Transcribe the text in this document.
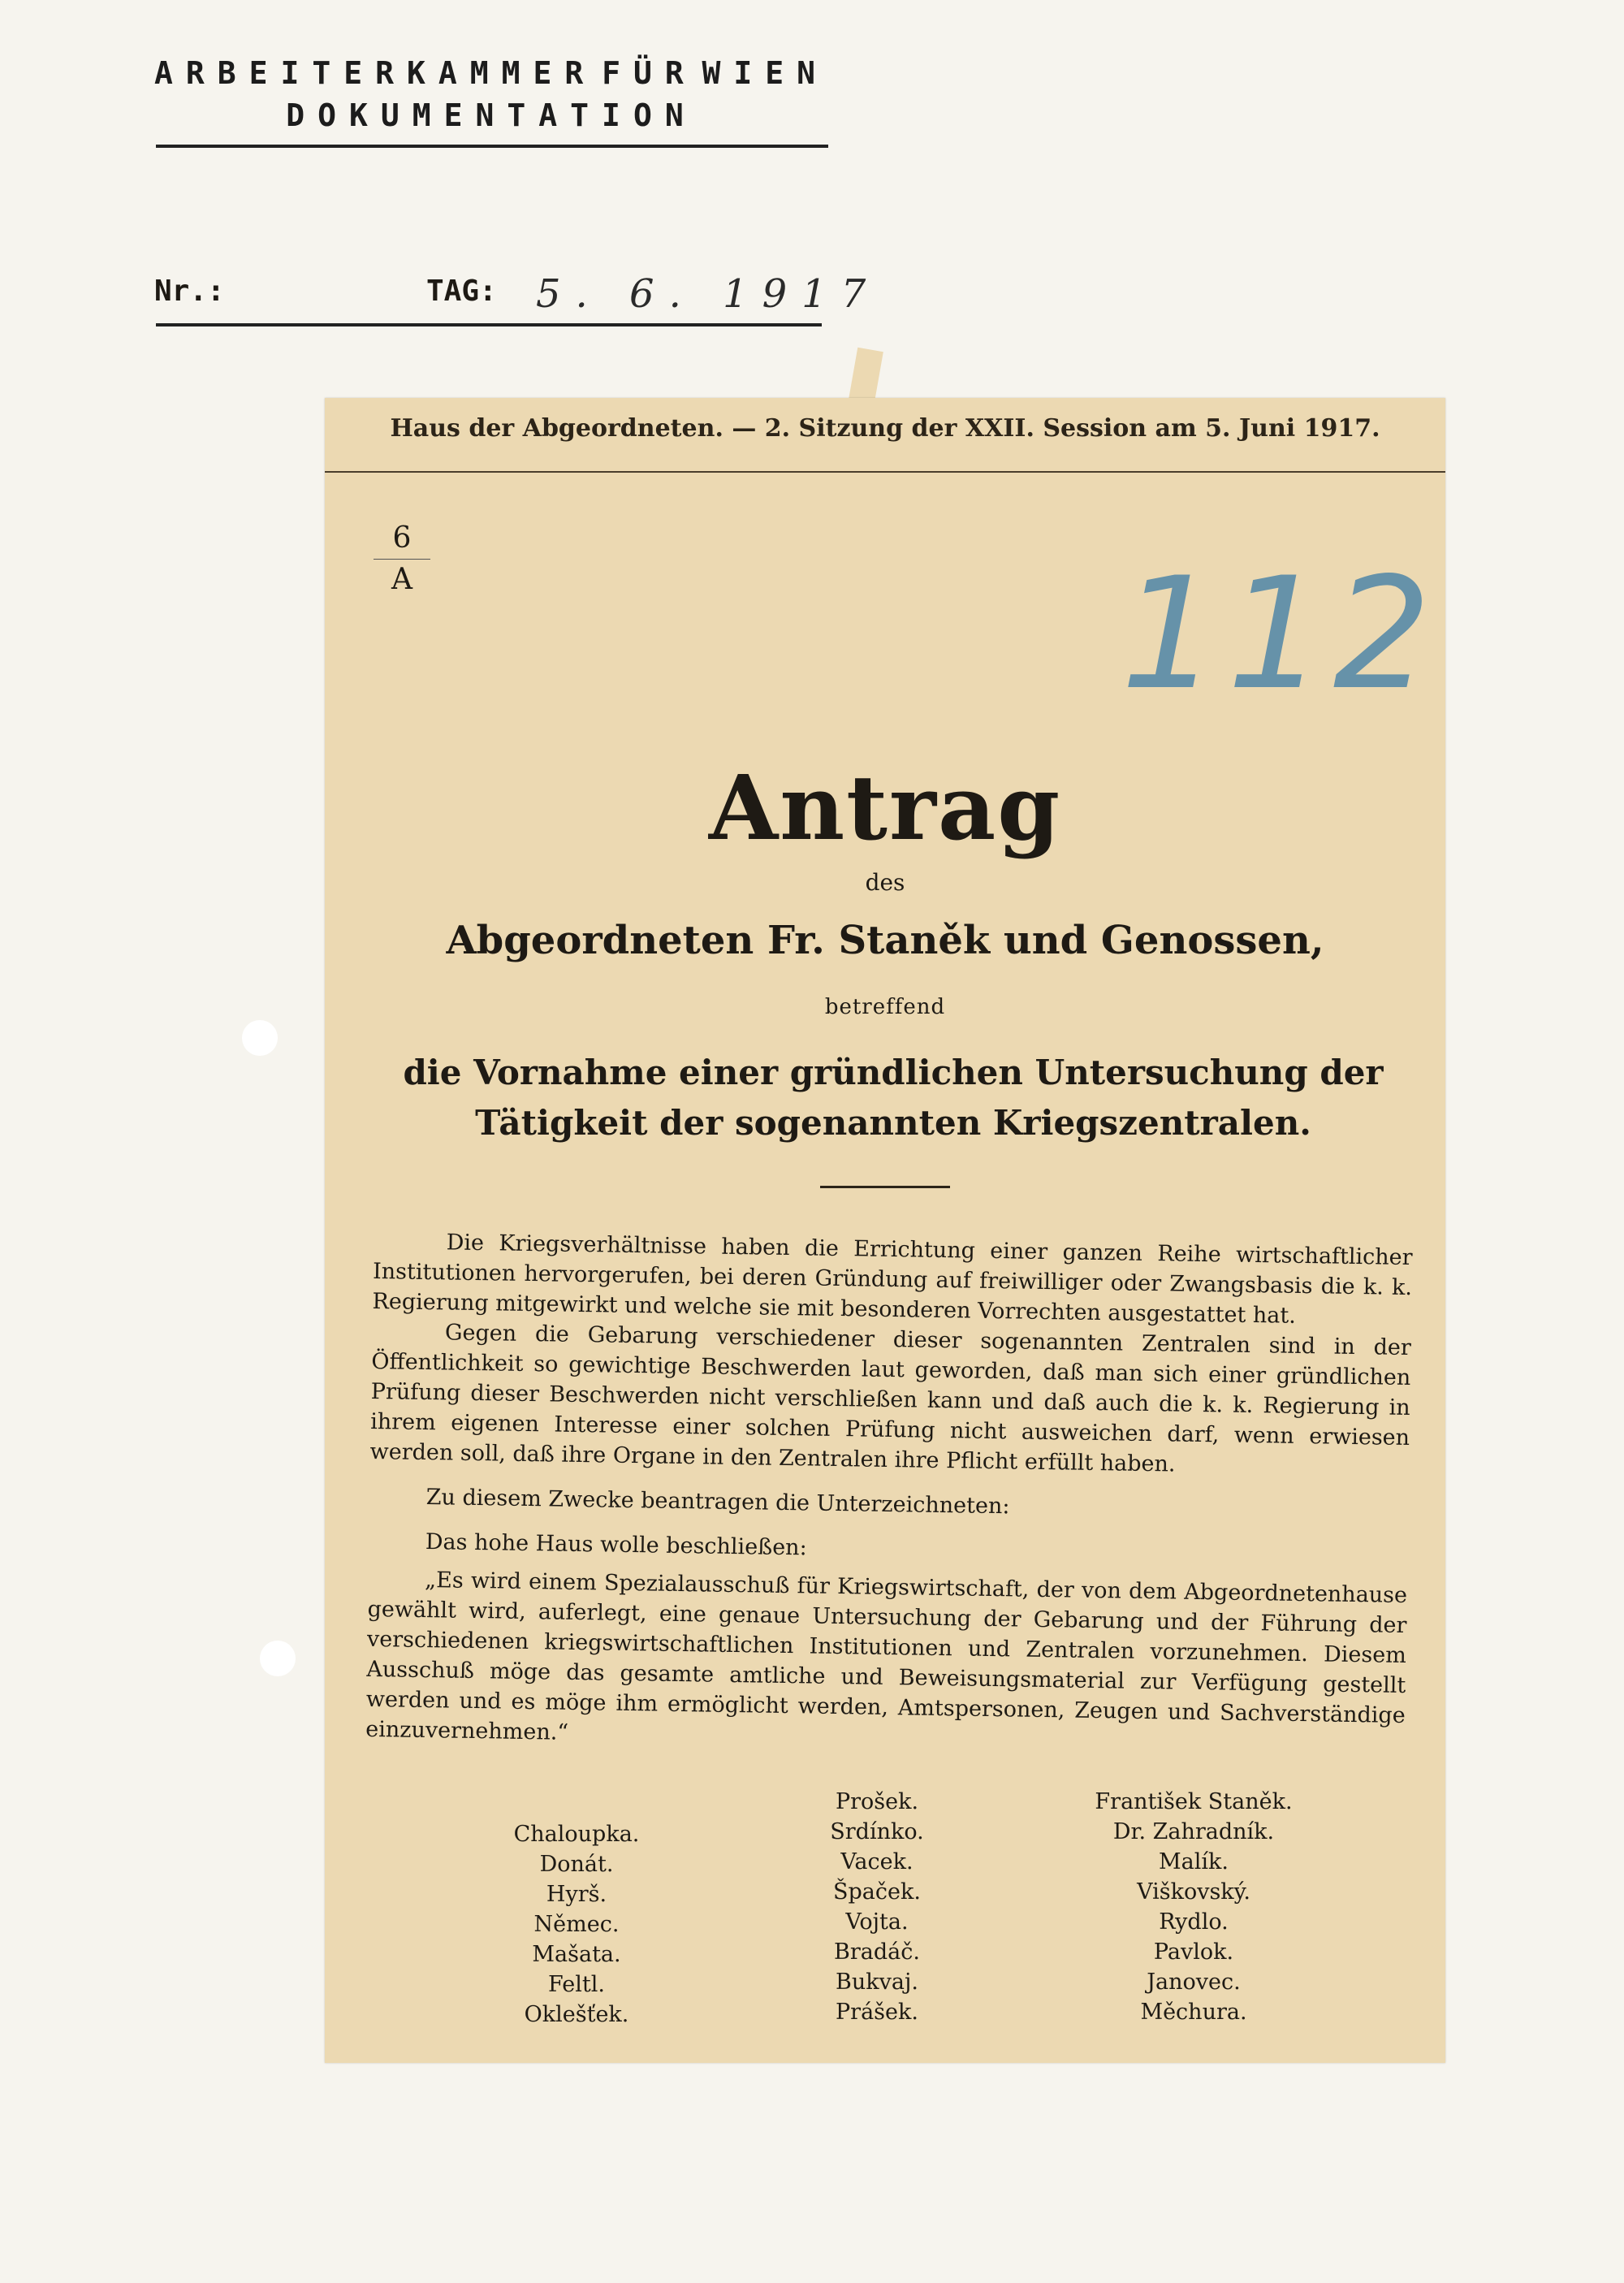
ARBEITERKAMMER FÜR WIEN
DOKUMENTATION
Nr.:	TAG: 5. 6. 1917
Haus der Abgeordneten. — 2. Sitzung der XXII. Session am 5. Juni 1917.
6
A	112
Antrag
des
Abgeordneten Fr. Staněk und Genossen,
betreffend
die Vornahme einer gründlichen Untersuchung der Tätigkeit der sogenannten Kriegszentralen.

Die Kriegsverhältnisse haben die Errichtung einer ganzen Reihe wirtschaftlicher Institutionen hervorgerufen, bei deren Gründung auf freiwilliger oder Zwangsbasis die k. k. Regierung mitgewirkt und welche sie mit besonderen Vorrechten ausgestattet hat.

Gegen die Gebarung verschiedener dieser sogenannten Zentralen sind in der Öffentlichkeit so gewichtige Beschwerden laut geworden, daß man sich einer gründlichen Prüfung dieser Beschwerden nicht verschließen kann und daß auch die k. k. Regierung in ihrem eigenen Interesse einer solchen Prüfung nicht ausweichen darf, wenn erwiesen werden soll, daß ihre Organe in den Zentralen ihre Pflicht erfüllt haben.

Zu diesem Zwecke beantragen die Unterzeichneten:

Das hohe Haus wolle beschließen:

„Es wird einem Spezialausschuß für Kriegswirtschaft, der von dem Abgeordnetenhause gewählt wird, auferlegt, eine genaue Untersuchung der Gebarung und der Führung der verschiedenen kriegswirtschaftlichen Institutionen und Zentralen vorzunehmen. Diesem Ausschuß möge das gesamte amtliche und Beweisungsmaterial zur Verfügung gestellt werden und es möge ihm ermöglicht werden, Amtspersonen, Zeugen und Sachverständige einzuvernehmen.“

Chaloupka.
Donát.
Hyrš.
Němec.
Mašata.
Feltl.
Oklešťek.
Prošek.
Srdínko.
Vacek.
Špaček.
Vojta.
Bradáč.
Bukvaj.
Prášek.
František Staněk.
Dr. Zahradník.
Malík.
Viškovský.
Rydlo.
Pavlok.
Janovec.
Měchura.
